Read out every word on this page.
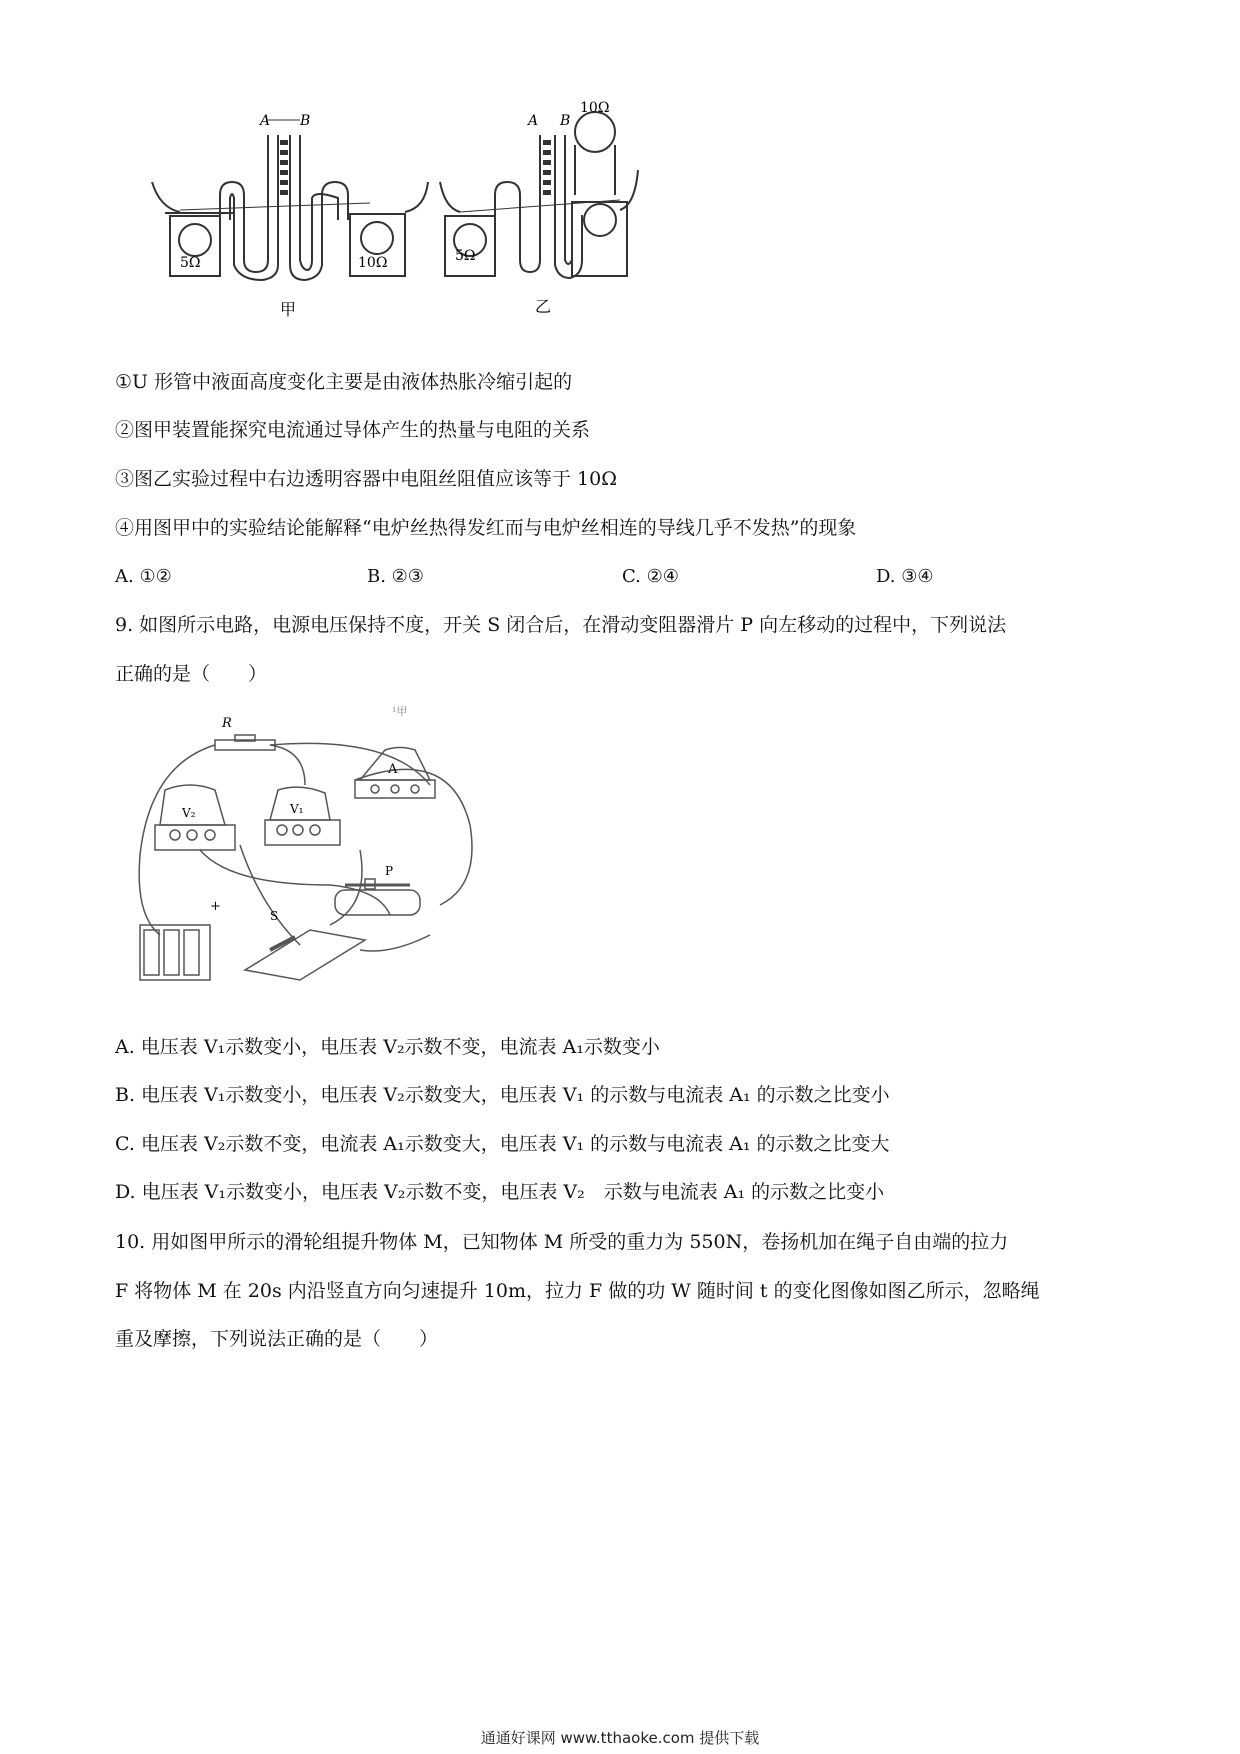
A B
5Ω	10Ω
甲
A B
5Ω
10Ω
乙
①U 形管中液面高度变化主要是由液体热胀冷缩引起的
②图甲装置能探究电流通过导体产生的热量与电阻的关系
③图乙实验过程中右边透明容器中电阻丝阻值应该等于 10Ω
④用图甲中的实验结论能解释“电炉丝热得发红而与电炉丝相连的导线几乎不发热”的现象
A. ①②	B. ②③	C. ②④	D. ③④
9. 如图所示电路，电源电压保持不度，开关 S 闭合后，在滑动变阻器滑片 P 向左移动的过程中，下列说法
正确的是（　　）
R
¹甲
A
V₂	V₁
+
S
P
A. 电压表 V₁示数变小，电压表 V₂示数不变，电流表 A₁示数变小
B. 电压表 V₁示数变小，电压表 V₂示数变大，电压表 V₁ 的示数与电流表 A₁ 的示数之比变小
C. 电压表 V₂示数不变，电流表 A₁示数变大，电压表 V₁ 的示数与电流表 A₁ 的示数之比变大
D. 电压表 V₁示数变小，电压表 V₂示数不变，电压表 V₂　示数与电流表 A₁ 的示数之比变小
10. 用如图甲所示的滑轮组提升物体 M，已知物体 M 所受的重力为 550N，卷扬机加在绳子自由端的拉力
F 将物体 M 在 20s 内沿竖直方向匀速提升 10m，拉力 F 做的功 W 随时间 t 的变化图像如图乙所示，忽略绳
重及摩擦，下列说法正确的是（　　）
通通好课网 www.tthaoke.com 提供下载
